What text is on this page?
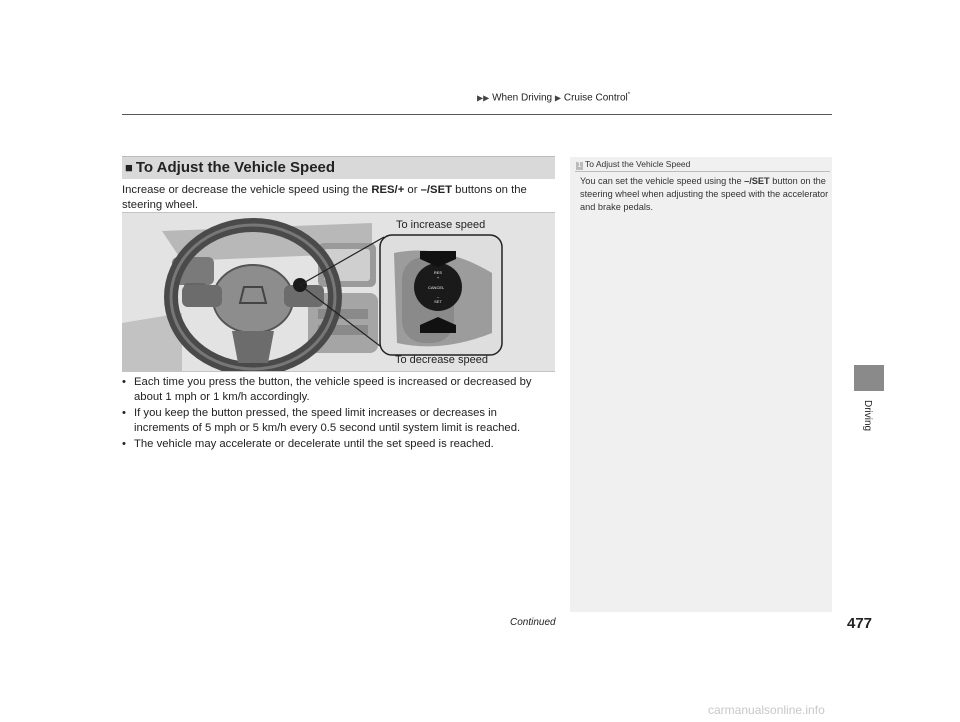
▶▶ When Driving ▶ Cruise Control*
■ To Adjust the Vehicle Speed
Increase or decrease the vehicle speed using the RES/+ or –/SET buttons on the steering wheel.
To increase speed
To decrease speed
RES
+
CANCEL
–
SET
• Each time you press the button, the vehicle speed is increased or decreased by about 1 mph or 1 km/h accordingly.
• If you keep the button pressed, the speed limit increases or decreases in increments of 5 mph or 5 km/h every 0.5 second until system limit is reached.
• The vehicle may accelerate or decelerate until the set speed is reached.
1 To Adjust the Vehicle Speed
You can set the vehicle speed using the –/SET button on the steering wheel when adjusting the speed with the accelerator and brake pedals.
Driving
Continued	477
carmanualsonline.info
